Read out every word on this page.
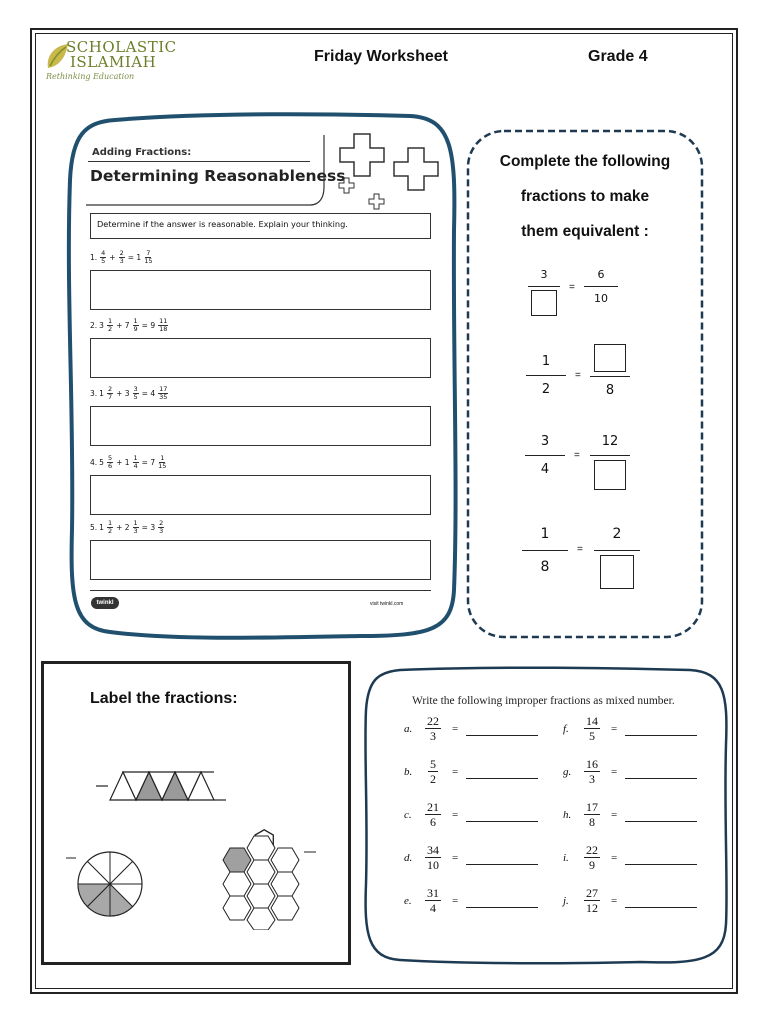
SCHOLASTIC
ISLAMIAH
Rethinking Education
Friday Worksheet	Grade 4
Adding Fractions:
Determining Reasonableness
Determine if the answer is reasonable. Explain your thinking.
1. $\frac{4}{5} + \frac{2}{3} = 1 \frac{7}{15}$
2. $3 \frac{1}{2} + 7 \frac{1}{9} = 9 \frac{11}{18}$
3. $1 \frac{2}{7} + 3 \frac{3}{5} = 4 \frac{17}{35}$
4. $5 \frac{5}{6} + 1 \frac{1}{4} = 7 \frac{1}{15}$
5. $1 \frac{1}{2} + 2 \frac{1}{3} = 3 \frac{2}{3}$
twinkl	visit twinkl.com
Complete the following
fractions to make
them equivalent :
3
=
6
10
1
2
=
8
3
4
=
12
1
8
=
2
Label the fractions:	Write the following improper fractions as mixed number.
a. $\frac{22}{3}$ =
b. $\frac{5}{2}$ =
c. $\frac{21}{6}$ =
d. $\frac{34}{10}$ =
e. $\frac{31}{4}$ =
f.	$\frac{14}{5}$ =
g. $\frac{16}{3}$ =
h. $\frac{17}{8}$ =
i.	$\frac{22}{9}$ =
j.	$\frac{27}{12}$ =
